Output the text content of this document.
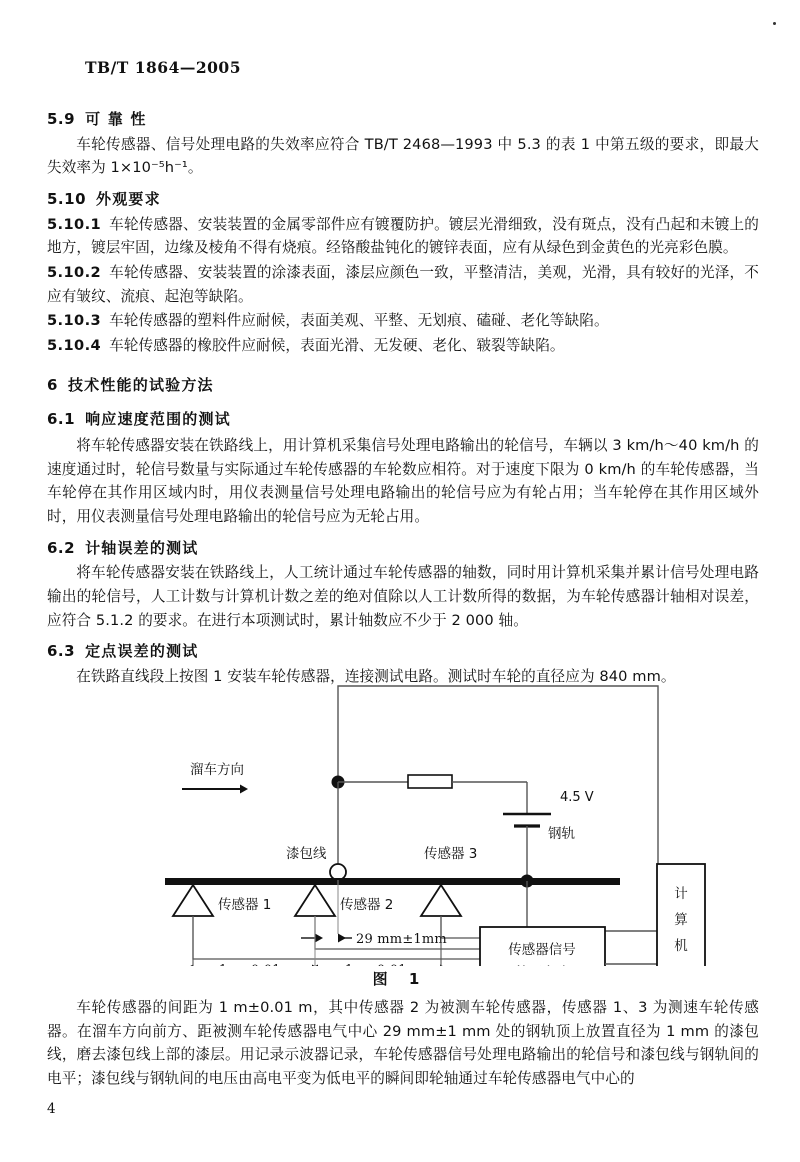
TB/T 1864—2005
5.9 可 靠 性

车轮传感器、信号处理电路的失效率应符合 TB/T 2468—1993 中 5.3 的表 1 中第五级的要求，即最大失效率为 1×10⁻⁵h⁻¹。

5.10 外观要求

5.10.1 车轮传感器、安装装置的金属零部件应有镀覆防护。镀层光滑细致，没有斑点，没有凸起和未镀上的地方，镀层牢固，边缘及棱角不得有烧痕。经铬酸盐钝化的镀锌表面，应有从绿色到金黄色的光亮彩色膜。

5.10.2 车轮传感器、安装装置的涂漆表面，漆层应颜色一致，平整清洁，美观，光滑，具有较好的光泽，不应有皱纹、流痕、起泡等缺陷。

5.10.3 车轮传感器的塑料件应耐候，表面美观、平整、无划痕、磕碰、老化等缺陷。

5.10.4 车轮传感器的橡胶件应耐候，表面光滑、无发硬、老化、皲裂等缺陷。

6 技术性能的试验方法
6.1 响应速度范围的测试

将车轮传感器安装在铁路线上，用计算机采集信号处理电路输出的轮信号，车辆以 3 km/h～40 km/h 的速度通过时，轮信号数量与实际通过车轮传感器的车轮数应相符。对于速度下限为 0 km/h 的车轮传感器，当车轮停在其作用区域内时，用仪表测量信号处理电路输出的轮信号应为有轮占用；当车轮停在其作用区域外时，用仪表测量信号处理电路输出的轮信号应为无轮占用。

6.2 计轴误差的测试

将车轮传感器安装在铁路线上，人工统计通过车轮传感器的轴数，同时用计算机采集并累计信号处理电路输出的轮信号，人工计数与计算机计数之差的绝对值除以人工计数所得的数据，为车轮传感器计轴相对误差，应符合 5.1.2 的要求。在进行本项测试时，累计轴数应不少于 2 000 轴。

6.3 定点误差的测试

在铁路直线段上按图 1 安装车轮传感器，连接测试电路。测试时车轮的直径应为 840 mm。

4.5 V
传感器信号
计
算
机
溜车方向
漆包线
传感器 1	传感器 2
传感器 3
钢轨
29 mm±1mm
图 1

车轮传感器的间距为 1 m±0.01 m，其中传感器 2 为被测车轮传感器，传感器 1、3 为测速车轮传感器。在溜车方向前方、距被测车轮传感器电气中心 29 mm±1 mm 处的钢轨顶上放置直径为 1 mm 的漆包线，磨去漆包线上部的漆层。用记录示波器记录，车轮传感器信号处理电路输出的轮信号和漆包线与钢轨间的电平；漆包线与钢轨间的电压由高电平变为低电平的瞬间即轮轴通过车轮传感器电气中心的

4
